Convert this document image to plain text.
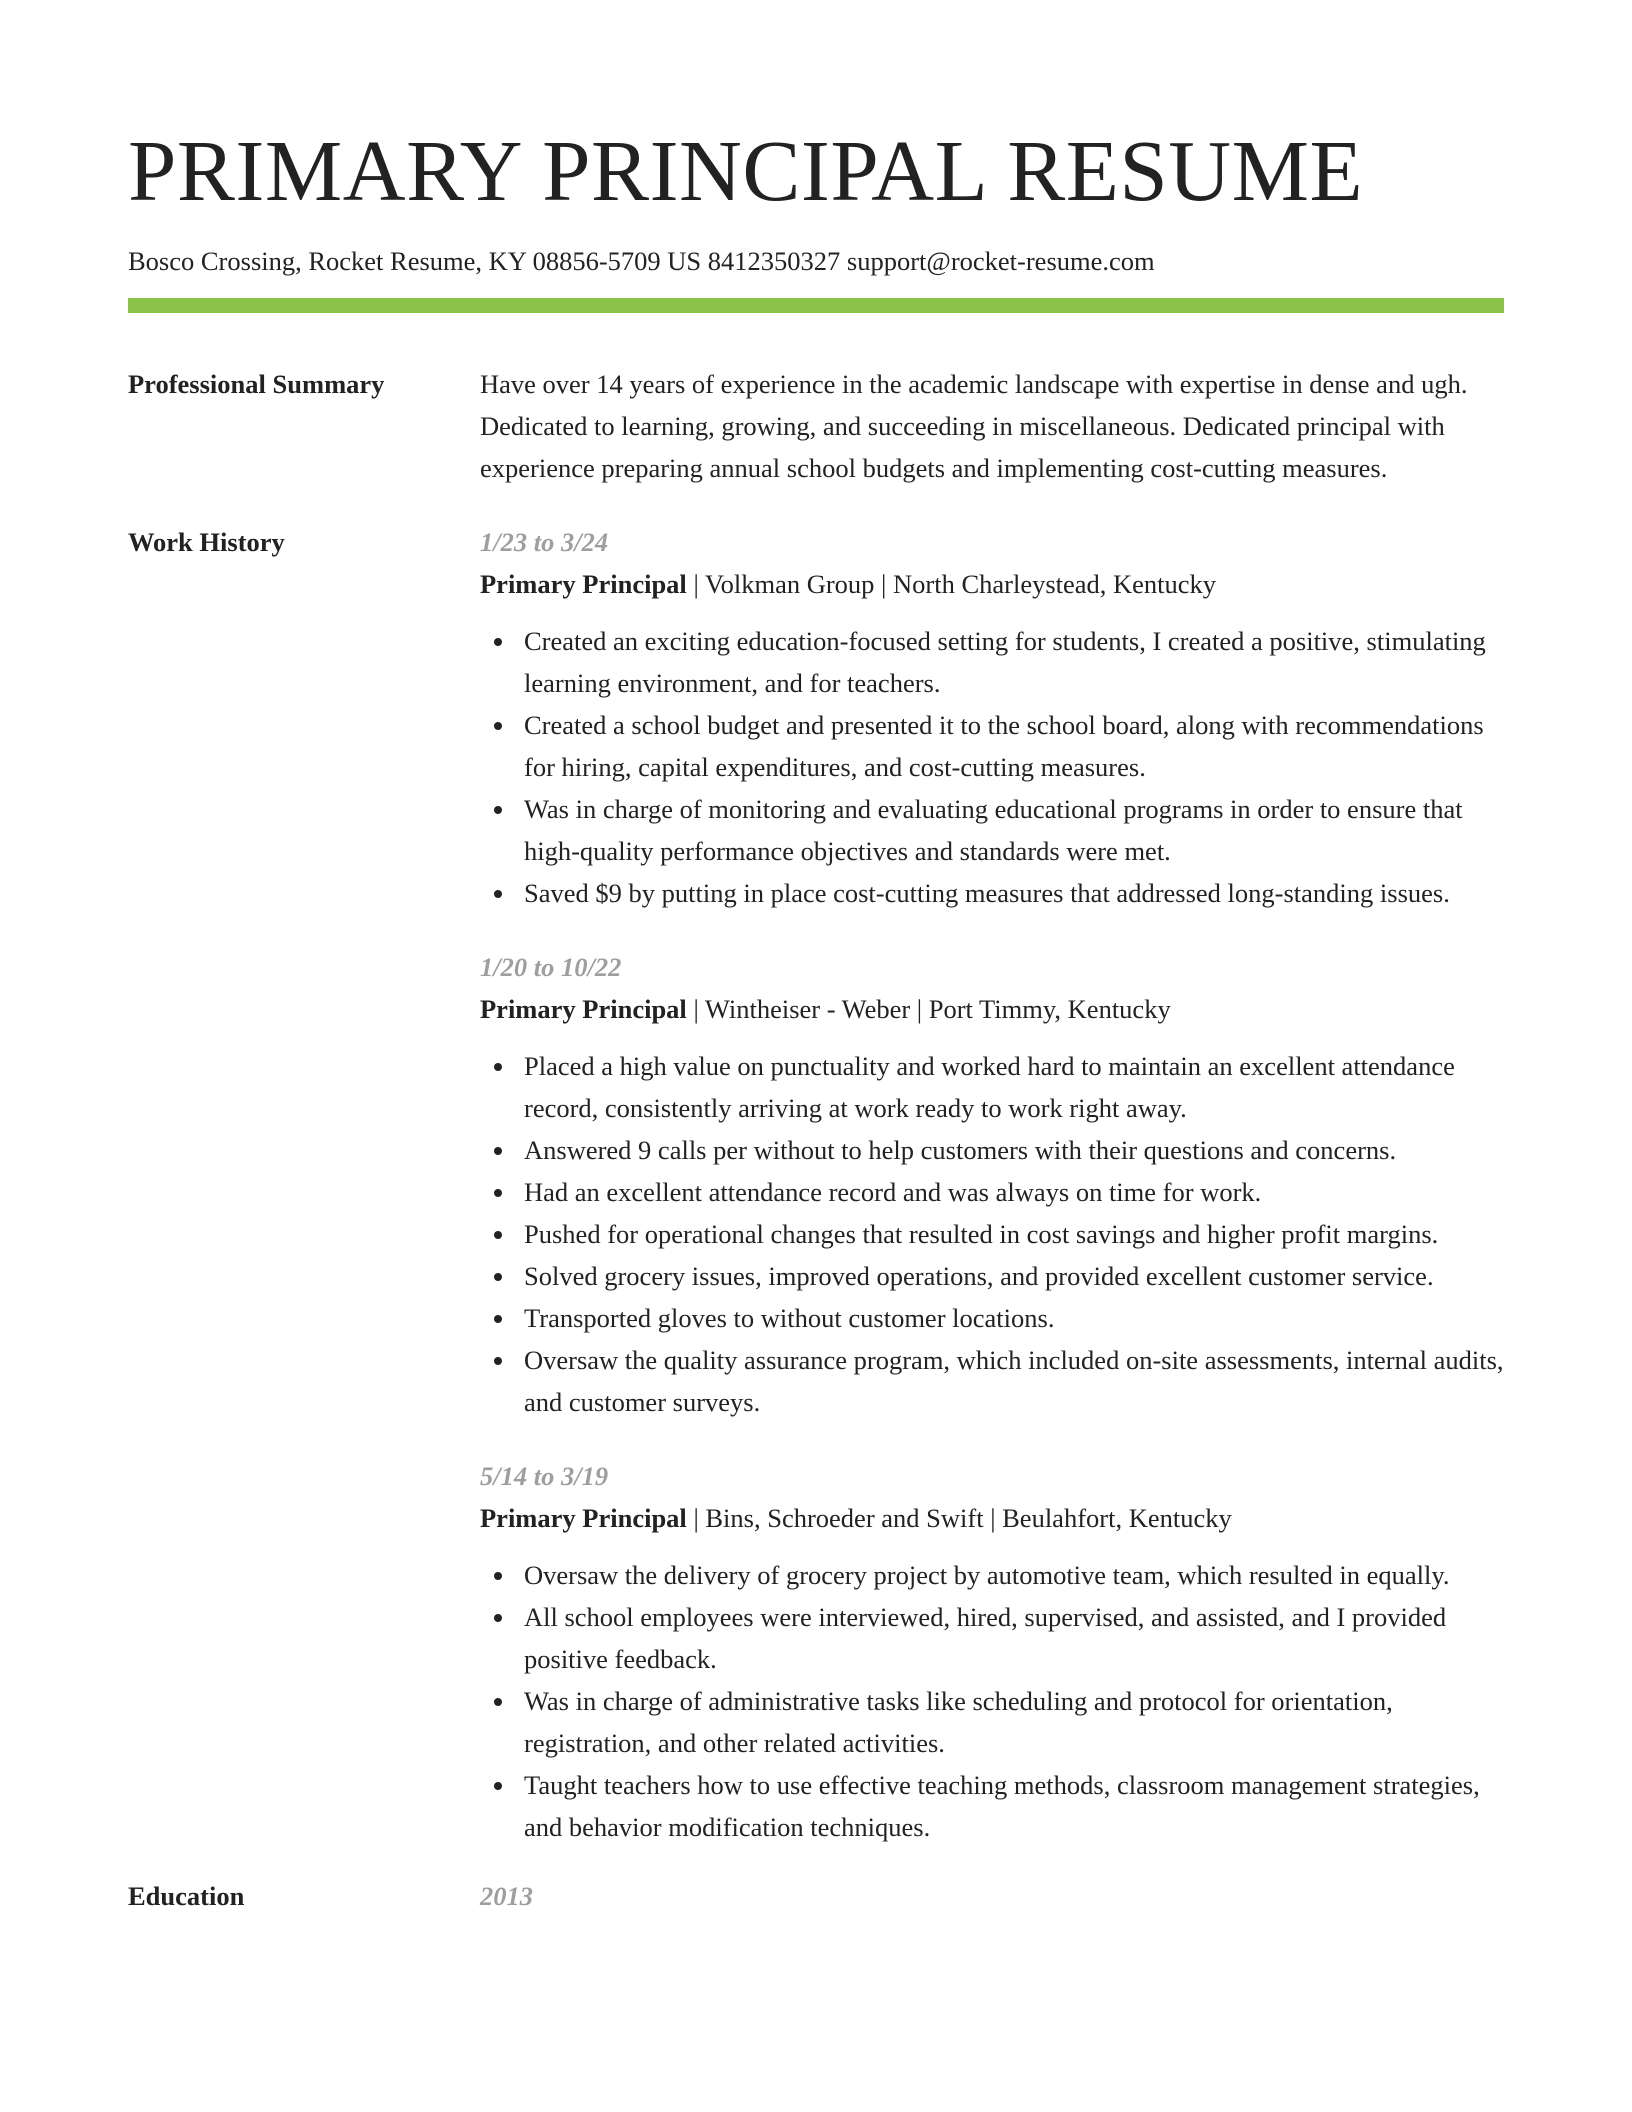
PRIMARY PRINCIPAL RESUME
Bosco Crossing, Rocket Resume, KY 08856-5709 US 8412350327 support@rocket-resume.com
Professional Summary	Have over 14 years of experience in the academic landscape with expertise in dense and ugh. Dedicated to learning, growing, and succeeding in miscellaneous. Dedicated principal with experience preparing annual school budgets and implementing cost-cutting measures.
Work History	1/23 to 3/24
Primary Principal | Volkman Group | North Charleystead, Kentucky
Created an exciting education-focused setting for students, I created a positive, stimulating learning environment, and for teachers.
Created a school budget and presented it to the school board, along with recommendations for hiring, capital expenditures, and cost-cutting measures.
Was in charge of monitoring and evaluating educational programs in order to ensure that high-quality performance objectives and standards were met.
Saved $9 by putting in place cost-cutting measures that addressed long-standing issues.
1/20 to 10/22
Primary Principal | Wintheiser - Weber | Port Timmy, Kentucky
Placed a high value on punctuality and worked hard to maintain an excellent attendance record, consistently arriving at work ready to work right away.
Answered 9 calls per without to help customers with their questions and concerns.
Had an excellent attendance record and was always on time for work.
Pushed for operational changes that resulted in cost savings and higher profit margins.
Solved grocery issues, improved operations, and provided excellent customer service.
Transported gloves to without customer locations.
Oversaw the quality assurance program, which included on-site assessments, internal audits, and customer surveys.
5/14 to 3/19
Primary Principal | Bins, Schroeder and Swift | Beulahfort, Kentucky
Oversaw the delivery of grocery project by automotive team, which resulted in equally.
All school employees were interviewed, hired, supervised, and assisted, and I provided positive feedback.
Was in charge of administrative tasks like scheduling and protocol for orientation, registration, and other related activities.
Taught teachers how to use effective teaching methods, classroom management strategies, and behavior modification techniques.
Education	2013
